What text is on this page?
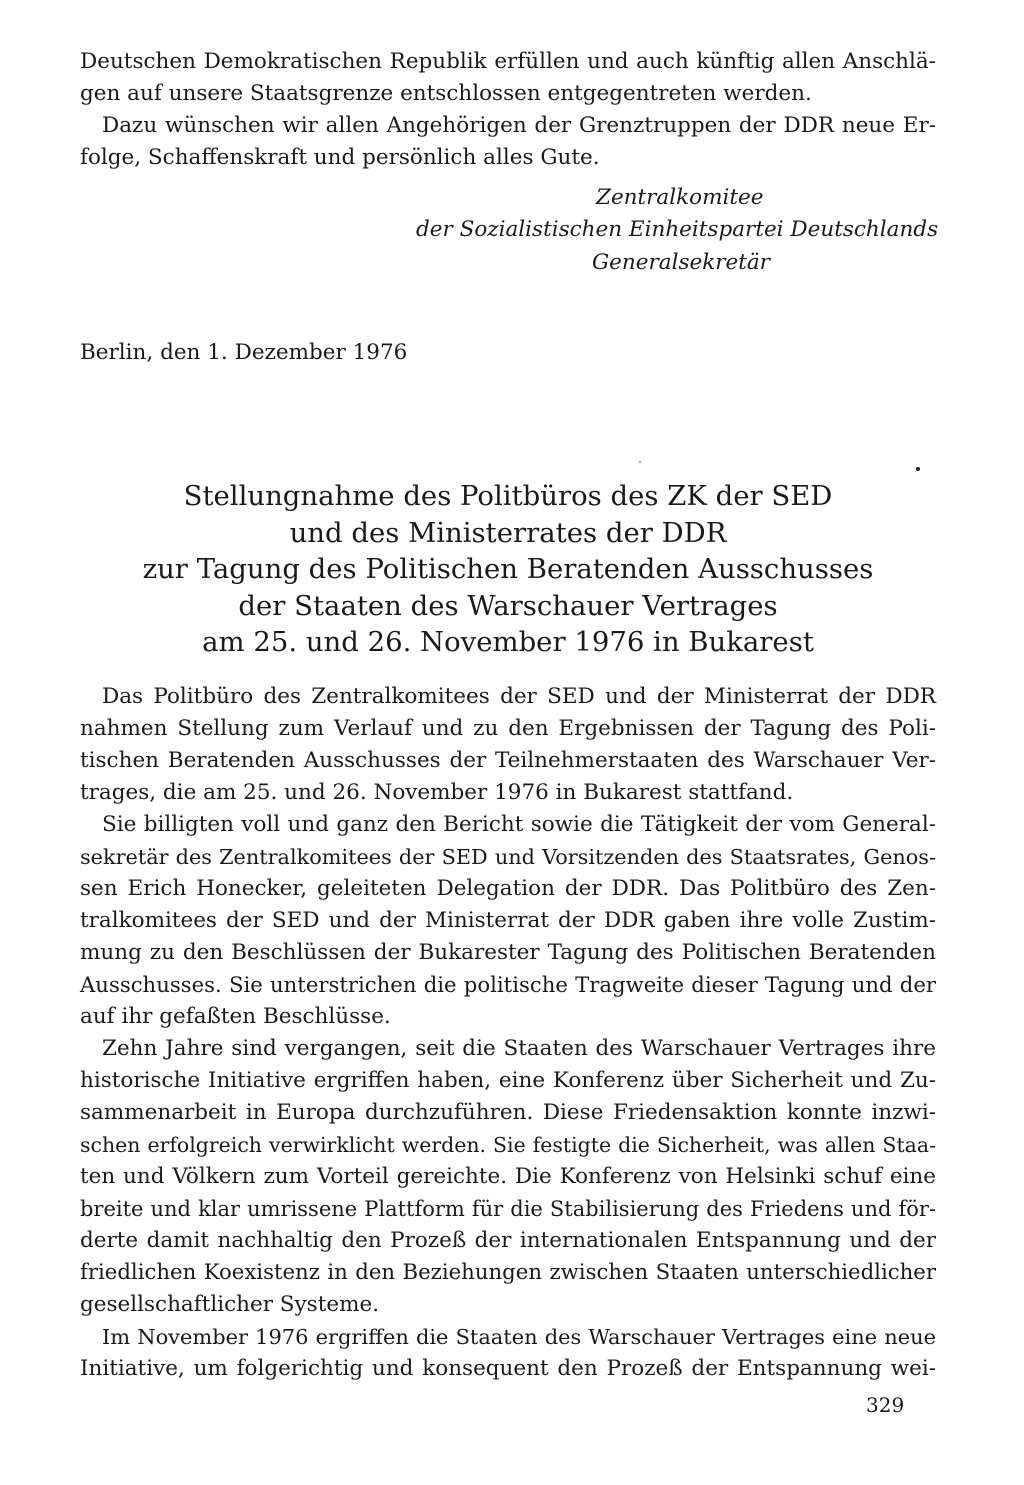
Deutschen Demokratischen Republik erfüllen und auch künftig allen Anschlä-
gen auf unsere Staatsgrenze entschlossen entgegentreten werden.
Dazu wünschen wir allen Angehörigen der Grenztruppen der DDR neue Er-
folge, Schaffenskraft und persönlich alles Gute.
Zentralkomitee
der Sozialistischen Einheitspartei Deutschlands
Generalsekretär
Berlin, den 1. Dezember 1976
Stellungnahme des Politbüros des ZK der SED
und des Ministerrates der DDR
zur Tagung des Politischen Beratenden Ausschusses
der Staaten des Warschauer Vertrages
am 25. und 26. November 1976 in Bukarest
Das Politbüro des Zentralkomitees der SED und der Ministerrat der DDR
nahmen Stellung zum Verlauf und zu den Ergebnissen der Tagung des Poli-
tischen Beratenden Ausschusses der Teilnehmerstaaten des Warschauer Ver-
trages, die am 25. und 26. November 1976 in Bukarest stattfand.
Sie billigten voll und ganz den Bericht sowie die Tätigkeit der vom General-
sekretär des Zentralkomitees der SED und Vorsitzenden des Staatsrates, Genos-
sen Erich Honecker, geleiteten Delegation der DDR. Das Politbüro des Zen-
tralkomitees der SED und der Ministerrat der DDR gaben ihre volle Zustim-
mung zu den Beschlüssen der Bukarester Tagung des Politischen Beratenden
Ausschusses. Sie unterstrichen die politische Tragweite dieser Tagung und der
auf ihr gefaßten Beschlüsse.
Zehn Jahre sind vergangen, seit die Staaten des Warschauer Vertrages ihre
historische Initiative ergriffen haben, eine Konferenz über Sicherheit und Zu-
sammenarbeit in Europa durchzuführen. Diese Friedensaktion konnte inzwi-
schen erfolgreich verwirklicht werden. Sie festigte die Sicherheit, was allen Staa-
ten und Völkern zum Vorteil gereichte. Die Konferenz von Helsinki schuf eine
breite und klar umrissene Plattform für die Stabilisierung des Friedens und för-
derte damit nachhaltig den Prozeß der internationalen Entspannung und der
friedlichen Koexistenz in den Beziehungen zwischen Staaten unterschiedlicher
gesellschaftlicher Systeme.
Im November 1976 ergriffen die Staaten des Warschauer Vertrages eine neue
Initiative, um folgerichtig und konsequent den Prozeß der Entspannung wei-
329
